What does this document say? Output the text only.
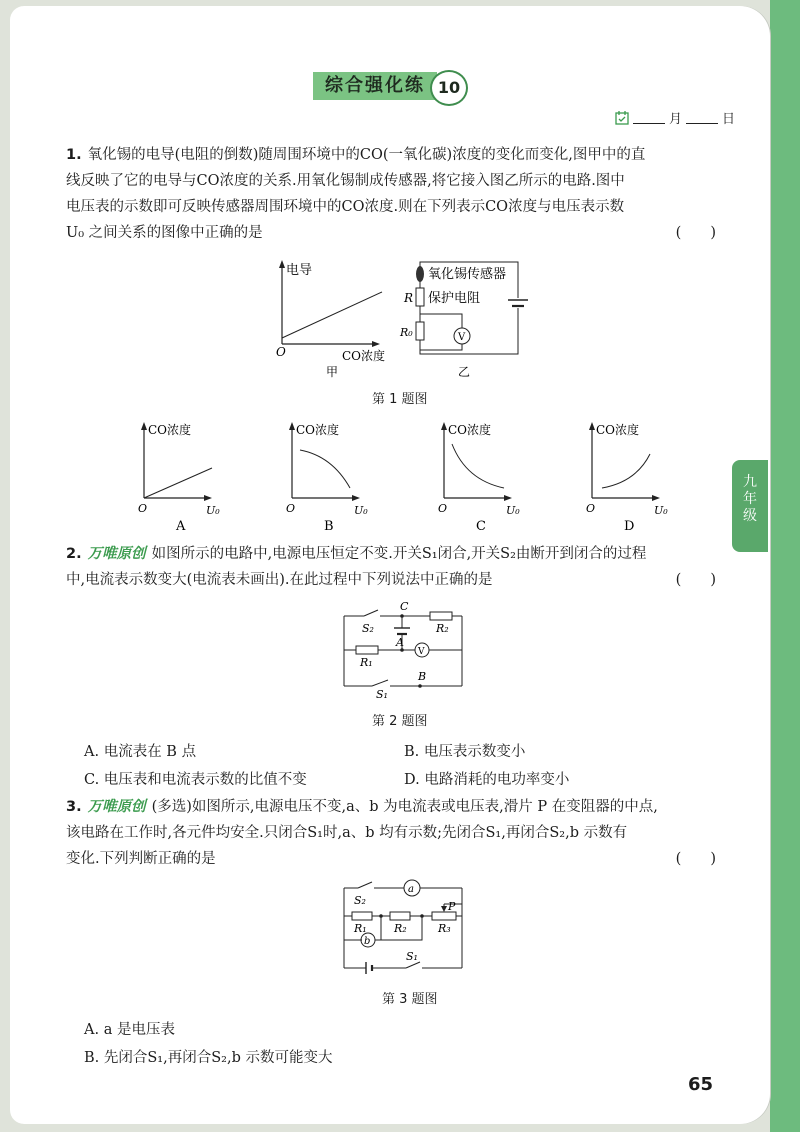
九
年
级
综合强化练 10
月	日
1. 氧化锡的电导(电阻的倒数)随周围环境中的CO(一氧化碳)浓度的变化而变化,图甲中的直
线反映了它的电导与CO浓度的关系.用氧化锡制成传感器,将它接入图乙所示的电路.图中
电压表的示数即可反映传感器周围环境中的CO浓度.则在下列表示CO浓度与电压表示数
U₀ 之间关系的图像中正确的是	(　　)
电导
O	CO浓度
甲
V
氧化锡传感器
R 保护电阻
R₀
乙
第 1 题图
CO浓度
O	U₀
A
CO浓度
O	U₀
B
CO浓度
O	U₀
C
CO浓度
O	U₀
D
2. 万唯原创 如图所示的电路中,电源电压恒定不变.开关S₁闭合,开关S₂由断开到闭合的过程
中,电流表示数变大(电流表未画出).在此过程中下列说法中正确的是	(　　)
V
S₂
C
R₂
A
R₁
S₁
B
第 2 题图
A. 电流表在 B 点	B. 电压表示数变小
C. 电压表和电流表示数的比值不变	D. 电路消耗的电功率变小
3. 万唯原创 (多选)如图所示,电源电压不变,a、b 为电流表或电压表,滑片 P 在变阻器的中点,
该电路在工作时,各元件均安全.只闭合S₁时,a、b 均有示数;先闭合S₁,再闭合S₂,b 示数有
变化.下列判断正确的是	(　　)
a
b
S₂	P
R₁ R₂	R₃
S₁
第 3 题图
A. a 是电压表
B. 先闭合S₁,再闭合S₂,b 示数可能变大
65
